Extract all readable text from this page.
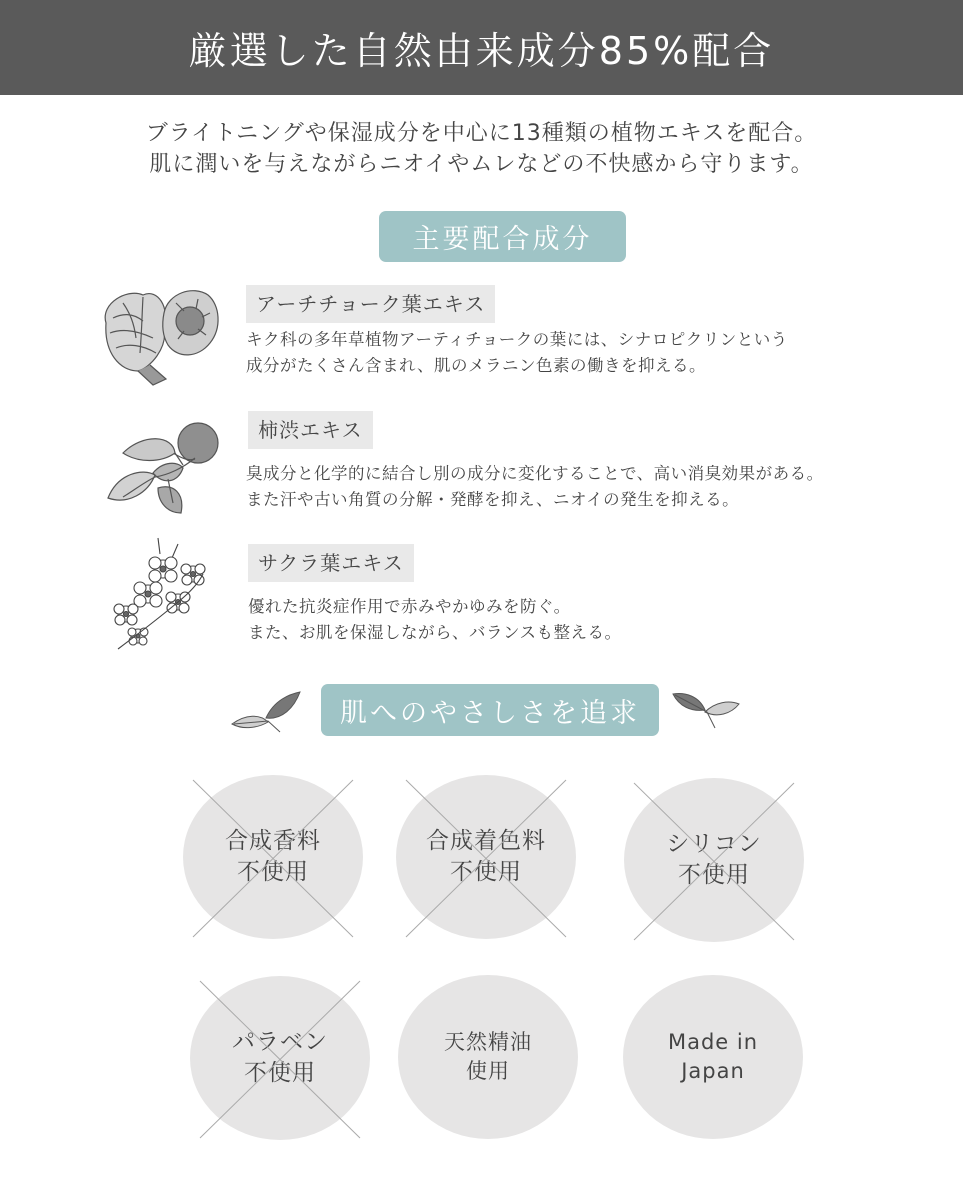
厳選した自然由来成分85%配合
ブライトニングや保湿成分を中心に13種類の植物エキスを配合。
肌に潤いを与えながらニオイやムレなどの不快感から守ります。
主要配合成分
アーチチョーク葉エキス
キク科の多年草植物アーティチョークの葉には、シナロピクリンという
成分がたくさん含まれ、肌のメラニン色素の働きを抑える。
柿渋エキス
臭成分と化学的に結合し別の成分に変化することで、高い消臭効果がある。
また汗や古い角質の分解・発酵を抑え、ニオイの発生を抑える。
サクラ葉エキス
優れた抗炎症作用で赤みやかゆみを防ぐ。
また、お肌を保湿しながら、バランスも整える。
肌へのやさしさを追求
合成香料
不使用
合成着色料
不使用
シリコン
不使用
パラベン
不使用
天然精油
使用
Made in
Japan
